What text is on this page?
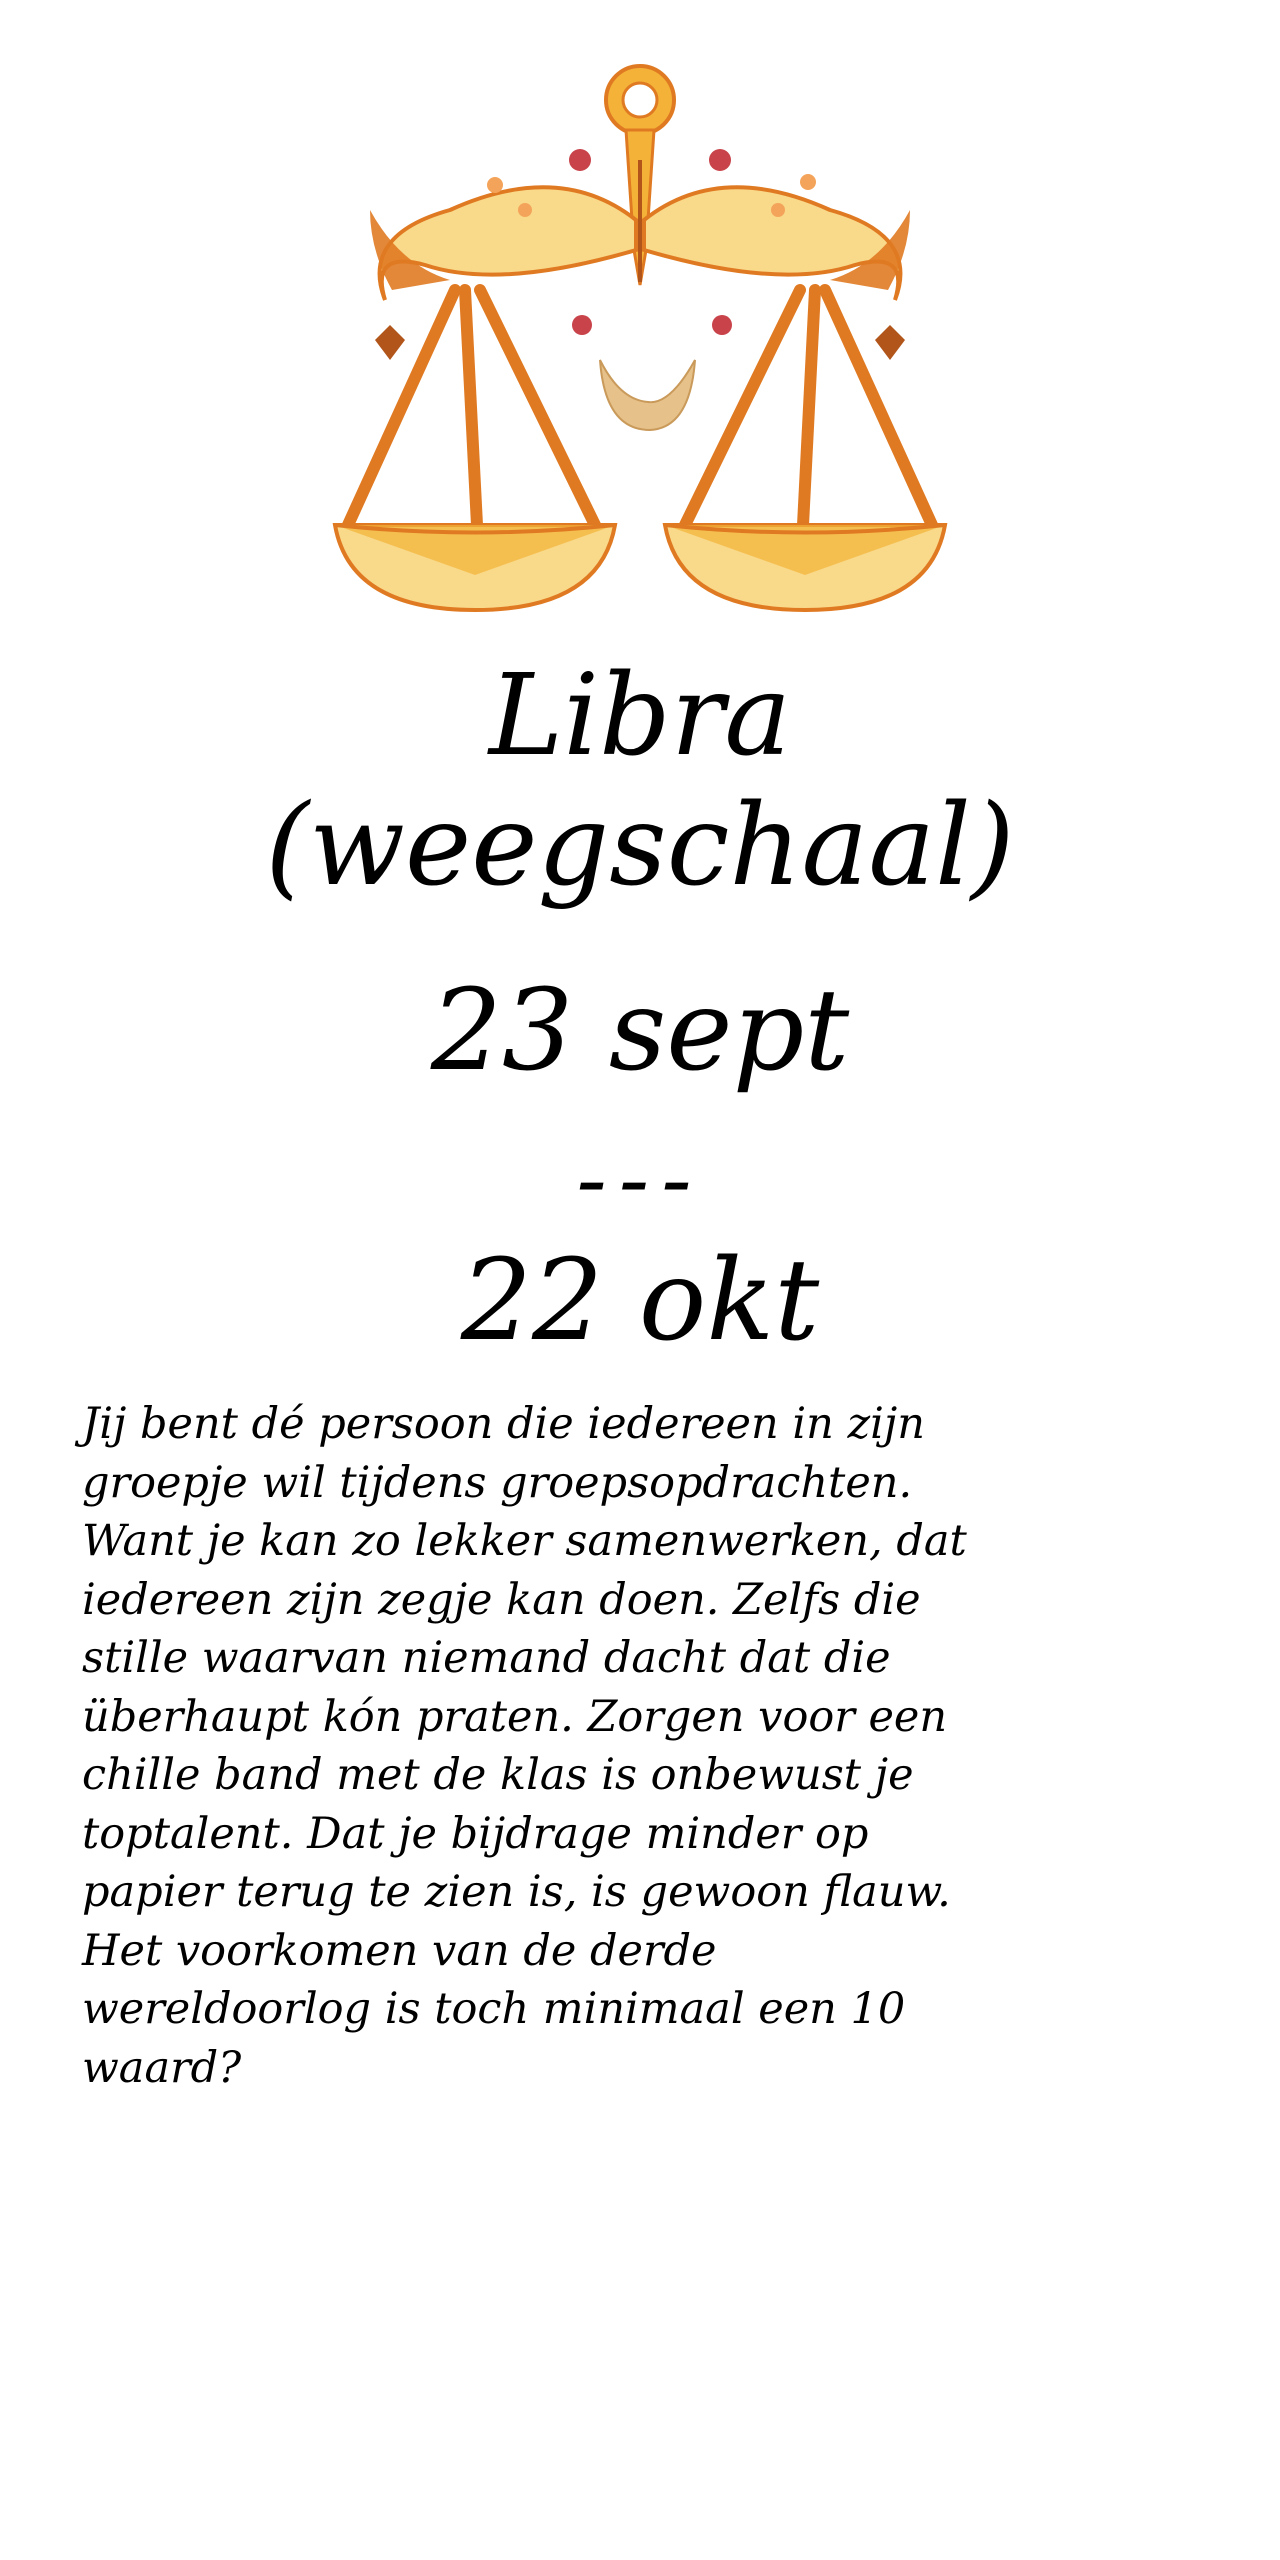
Libra
(weegschaal)
23 sept
---
22 okt
Jij bent dé persoon die iedereen in zijn
groepje wil tijdens groepsopdrachten.
Want je kan zo lekker samenwerken, dat
iedereen zijn zegje kan doen. Zelfs die
stille waarvan niemand dacht dat die
überhaupt kón praten. Zorgen voor een
chille band met de klas is onbewust je
toptalent. Dat je bijdrage minder op
papier terug te zien is, is gewoon flauw.
Het voorkomen van de derde
wereldoorlog is toch minimaal een 10
waard?
